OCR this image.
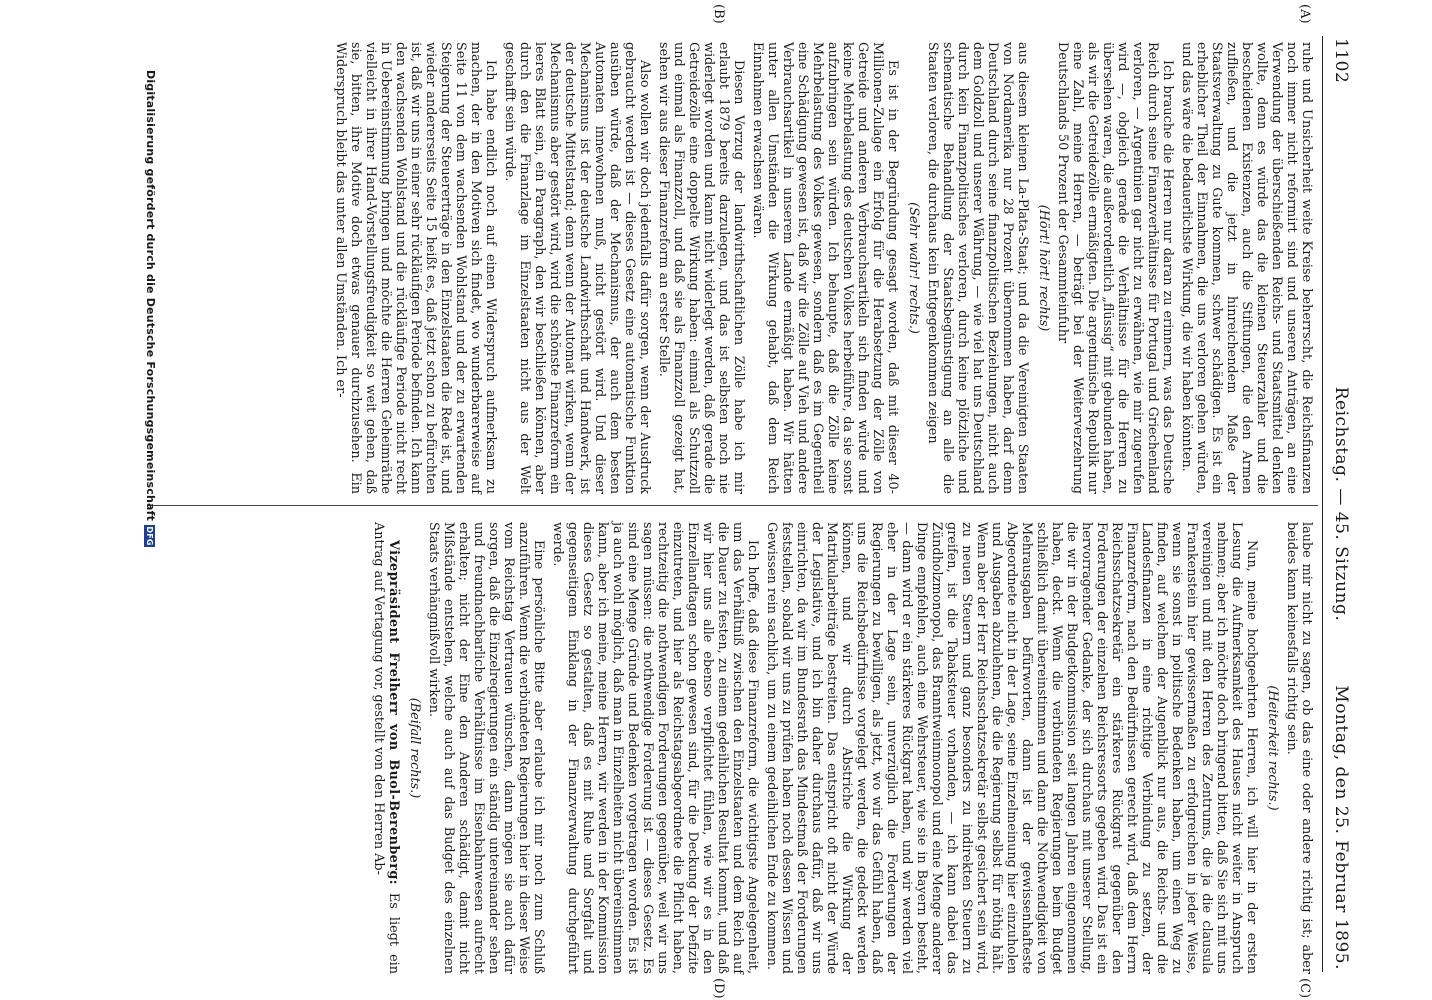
1102
Reichstag. — 45. Sitzung.
Montag, den 25. Februar 1895.
(A)
(B)
(C)
(D)

ruhe und Unsicherheit weite Kreise beherrscht, die Reichsfinanzen noch immer nicht reformirt sind und unseren Anträgen, an eine Verwendung der überschießenden Reichs- und Staatsmittel denken wollte, denn es würde das die kleinen Steuerzahler und die bescheidenen Existenzen, auch die Stiftungen, die den Armen zufließen, und die jetzt in hinreichendem Maße der Staatsverwaltung zu Gute kommen, schwer schädigen. Es ist ein erheblicher Theil der Einnahmen, die uns verloren gehen würden, und das wäre die bedauerlichste Wirkung, die wir haben könnten.

Ich brauche die Herren nur daran zu erinnern, was das Deutsche Reich durch seine Finanzverhältnisse für Portugal und Griechenland verloren, — Argentinien gar nicht zu erwähnen, wie mir zugerufen wird —, obgleich gerade die Verhältnisse für die Herren zu übersehen waren, die außerordentlich „flüssig“ mit gebunden haben, als wir die Getreidezölle ermäßigten. Die argentinische Republik nur eine Zahl, meine Herren, — beträgt bei der Weiterverzehrung Deutschlands 50 Prozent der Gesammteinfuhr

(Hört! hört! rechts)

aus diesem kleinen La-Plata-Staat; und da die Vereinigten Staaten von Nordamerika nur 28 Prozent übernommen haben, darf denn Deutschland durch seine finanzpolitischen Beziehungen, nicht auch dem Goldzoll und unserer Währung, — wie viel hat uns Deutschland durch kein Finanzpolitisches verloren, durch keine plötzliche und schematische Behandlung der Staatsbegünstigung an alle die Staaten verloren, die durchaus kein Entgegenkommen zeigen

(Sehr wahr! rechts.)

Es ist in der Begründung gesagt worden, daß mit dieser 40-Millionen-Zulage ein Erfolg für die Herabsetzung der Zölle von Getreide und anderen Verbrauchsartikeln sich finden würde und keine Mehrbelastung des deutschen Volkes herbeiführe, da sie sonst aufzubringen sein würden. Ich behaupte, daß die Zölle keine Mehrbelastung des Volkes gewesen, sondern daß es im Gegentheil eine Schädigung gewesen ist, daß wir die Zölle auf Vieh und andere Verbrauchsartikel in unserem Lande ermäßigt haben. Wir hätten unter allen Umständen die Wirkung gehabt, daß dem Reich Einnahmen erwachsen wären.

Diesen Vorzug der landwirthschaftlichen Zölle habe ich mir erlaubt 1879 bereits darzulegen, und das ist selbsten noch nie widerlegt worden und kann nicht widerlegt werden, daß gerade die Getreidezölle eine doppelte Wirkung haben: einmal als Schutzzoll und einmal als Finanzzoll, und daß sie als Finanzzoll gezeigt hat, sehen wir aus dieser Finanzreform an erster Stelle.

Also wollen wir doch jedenfalls dafür sorgen, wenn der Ausdruck gebraucht werden ist — dieses Gesetz eine automatische Funktion ausüben würde, daß der Mechanismus, der auch dem besten Automaten innewohnen muß, nicht gestört wird. Und dieser Mechanismus ist der deutsche Landwirthschaft und Handwerk, ist der deutsche Mittelstand; denn wenn der Automat wirken, wenn der Mechanismus aber gestört wird, wird die schönste Finanzreform ein leeres Blatt sein, ein Paragraph, den wir beschließen können, aber durch den die Finanzlage im Einzelstaaten nicht aus der Welt geschafft sein würde.

Ich habe endlich noch auf einen Widerspruch aufmerksam zu machen, der in den Motiven sich findet, wo wunderbarerweise auf Seite 11 von dem wachsenden Wohlstand und der zu erwartenden Steigerung der Steuererträge in den Einzelstaaten die Rede ist, und wieder andererseits Seite 15 heißt es, daß jetzt schon zu befürchten ist, daß wir uns in einer sehr rückläufigen Periode befinden. Ich kann den wachsenden Wohlstand und die rückläufige Periode nicht recht in Uebereinstimmung bringen und möchte die Herren Geheimräthe vielleicht in ihrer Hand-Vorstellungsfreudigkeit so weit gehen, daß sie, bitten, ihre Motive doch etwas genauer durchzusehen. Ein Widerspruch bleibt das unter allen Umständen. Ich er-

laube mir nicht zu sagen, ob das eine oder andere richtig ist; aber beides kann keinesfalls richtig sein.

(Heiterkeit rechts.)

Nun, meine hochgeehrten Herren, ich will hier in der ersten Lesung die Aufmerksamkeit des Hauses nicht weiter in Anspruch nehmen; aber ich möchte doch bringend bitten, daß Sie sich mit uns vereinigen und mit den Herren des Zentrums, die ja die clausula Frankenstein hier gewissermaßen zu erfolgreichen in jeder Weise, wenn sie sonst in politische Bedenken haben, um einen Weg zu finden, auf welchem der Augenblick nur aus, die Reichs- und die Landesfinanzen in eine richtige Verbindung zu setzen, der Finanzreform, nach den Bedürfnissen gerecht wird, daß dem Herrn Reichsschatzsekretär ein stärkeres Rückgrat gegenüber den Forderungen der einzelnen Reichsressorts gegeben wird. Das ist ein hervorragender Gedanke, der sich durchaus mit unserer Stellung, die wir in der Budgetkommission seit langen Jahren eingenommen haben, deckt. Wenn die verbündeten Regierungen beim Budget schließlich damit übereinstimmen und dann die Nothwendigkeit von Mehrausgaben befürworten, dann ist der gewissenhafteste Abgeordnete nicht in der Lage, seine Einzelmeinung hier einzuholen und Ausgaben abzulehnen, die die Regierung selbst für nöthig hält. Wenn aber der Herr Reichsschatzsekretär selbst gesichert sein wird, zu neuen Steuern und ganz besonders zu indirekten Steuern zu greifen, ist die Tabaksteuer vorhanden, — ich kann dabei das Zündholzmonopol, das Branntweinmonopol und eine Menge anderer Dinge empfehlen, auch eine Wehrsteuer, wie sie in Bayern besteht, — dann wird er ein stärkeres Rückgrat haben, und wir werden viel eher in der Lage sein, unverzüglich die Forderungen der Regierungen zu bewilligen, als jetzt, wo wir das Gefühl haben, daß uns die Reichsbedürfnisse vorgelegt werden, die gedeckt werden können, und wir durch Abstriche die Wirkung der Matrikularbeiträge bestreiten. Das entspricht oft nicht der Würde der Legislative, und ich bin daher durchaus dafür, daß wir uns einrichten, da wir im Bundesrath das Mindestmaß der Forderungen feststellen, sobald wir uns zu prüfen haben noch dessen Wissen und Gewissen rein sachlich, um zu einem gedeihlichen Ende zu kommen.

Ich hoffe, daß diese Finanzreform, die wichtigste Angelegenheit, um das Verhältniß zwischen den Einzelstaaten und dem Reich auf die Dauer zu festen, zu einem gedeihlichen Resultat kommt, und daß wir hier uns alle ebenso verpflichtet fühlen, wie wir es in den Einzellandtagen schon gewesen sind, für die Deckung der Defizite einzutreten, und hier als Reichstagsabgeordnete die Pflicht haben, rechtzeitig die nothwendigen Forderungen gegenüber, weil wir uns sagen müssen: die nothwendige Forderung ist — dieses Gesetz. Es sind eine Menge Gründe und Bedenken vorgetragen worden. Es ist ja auch wohl möglich, daß man in Einzelheiten nicht übereinstimmen kann, aber ich meine, meine Herren, wir werden in der Kommission dieses Gesetz so gestalten, daß es mit Ruhe und Sorgfalt und gegenseitigem Einklang in der Finanzverwaltung durchgeführt werde.

Eine persönliche Bitte aber erlaube ich mir noch zum Schluß anzuführen. Wenn die verbündeten Regierungen hier in dieser Weise vom Reichstag Vertrauen wünschen, dann mögen sie auch dafür sorgen, daß die Einzelregierungen ein ständig untereinander sehen und freundnachbarliche Verhältnisse im Eisenbahnwesen aufrecht erhalten; nicht der Eine den Anderen schädigt, damit nicht Mißstände entstehen, welche auch auf das Budget des einzelnen Staats verhängnißvoll wirken.

(Beifall rechts.)

Vizepräsident Freiherr von Buol-Berenberg: Es liegt ein Antrag auf Vertagung vor, gestellt von den Herren Ab-

Digitalisierung gefördert durch die Deutsche ForschungsgemeinschaftDFG
